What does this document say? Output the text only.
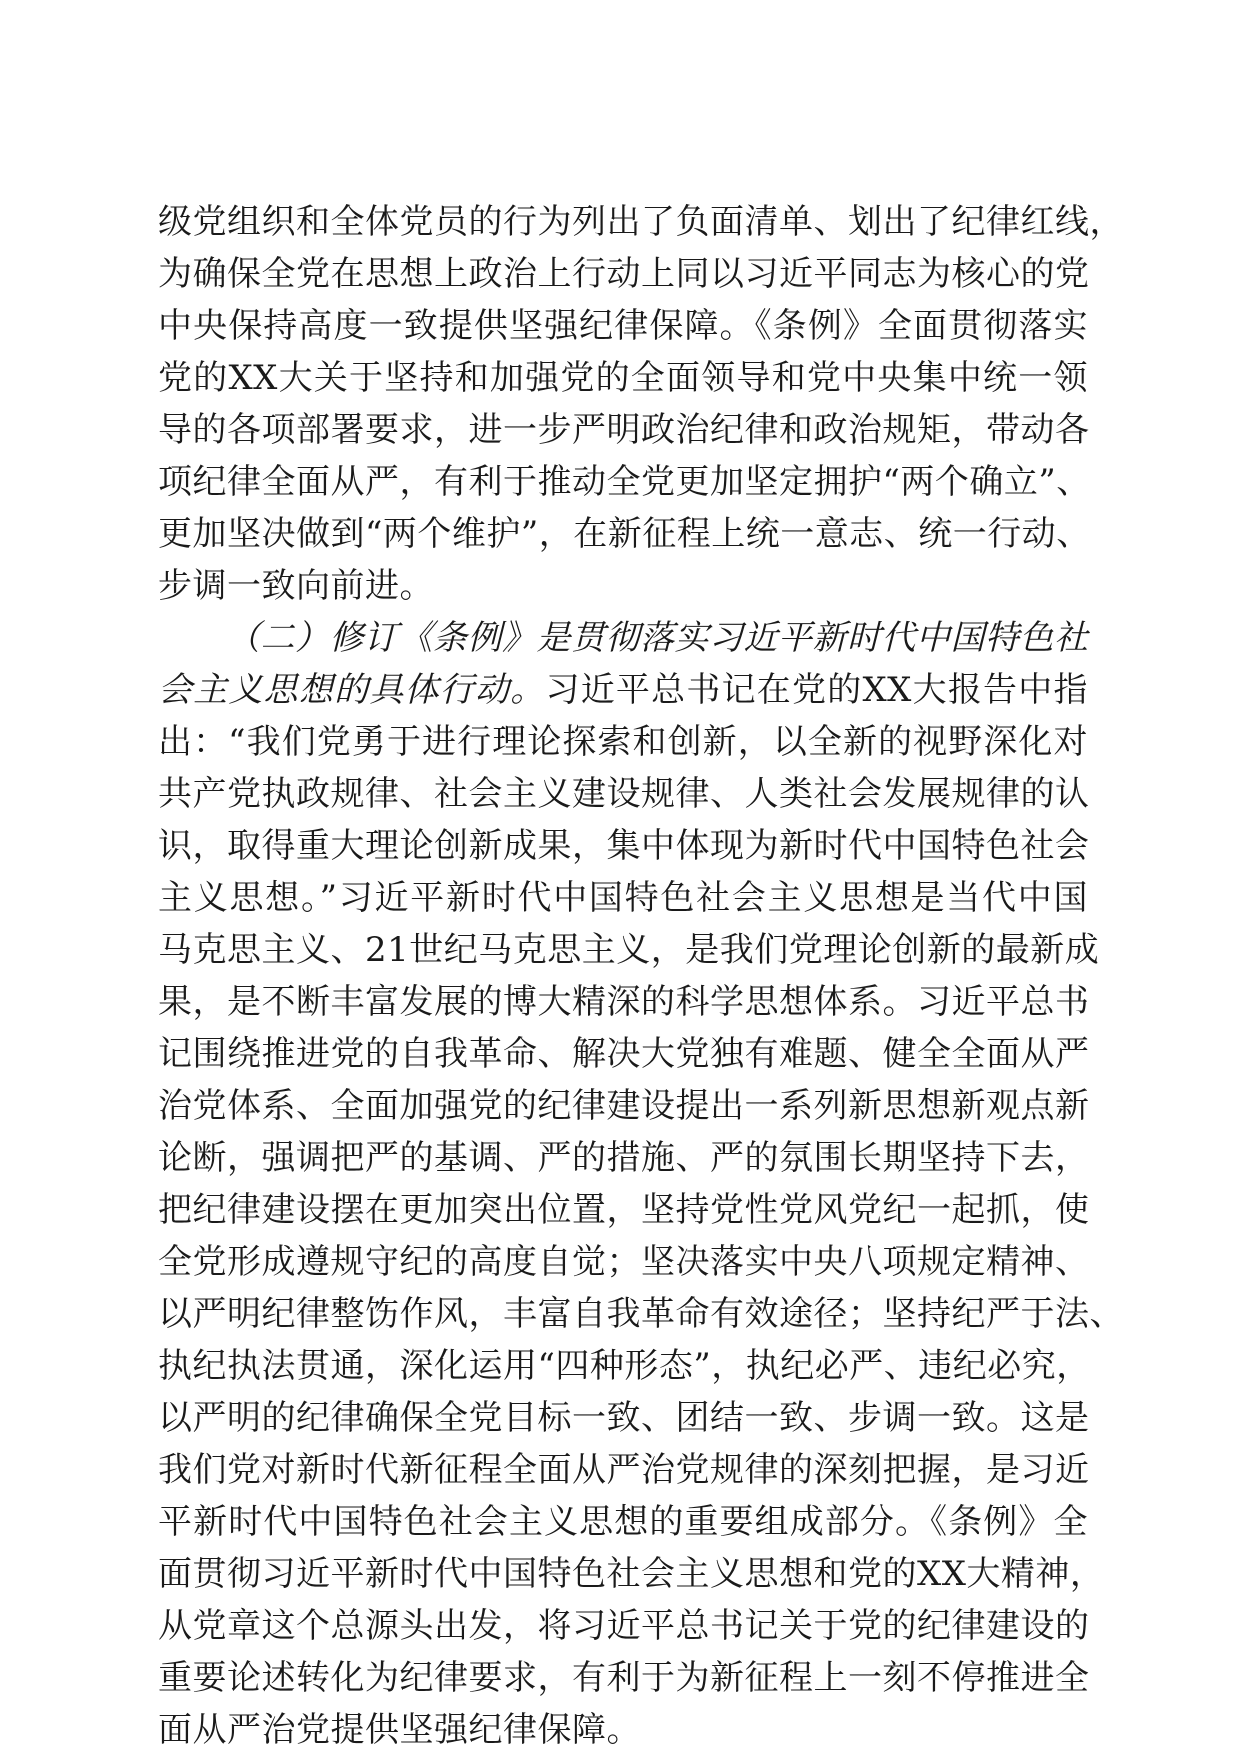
级党组织和全体党员的行为列出了负面清单、划出了纪律红线，
为确保全党在思想上政治上行动上同以习近平同志为核心的党
中央保持高度一致提供坚强纪律保障。《条例》全面贯彻落实
党的XX大关于坚持和加强党的全面领导和党中央集中统一领
导的各项部署要求，进一步严明政治纪律和政治规矩，带动各
项纪律全面从严，有利于推动全党更加坚定拥护“两个确立”、
更加坚决做到“两个维护”，在新征程上统一意志、统一行动、
步调一致向前进。
（二）修订《条例》是贯彻落实习近平新时代中国特色社
会主义思想的具体行动。习近平总书记在党的XX大报告中指
出：“我们党勇于进行理论探索和创新，以全新的视野深化对
共产党执政规律、社会主义建设规律、人类社会发展规律的认
识，取得重大理论创新成果，集中体现为新时代中国特色社会
主义思想。”习近平新时代中国特色社会主义思想是当代中国
马克思主义、21世纪马克思主义，是我们党理论创新的最新成
果，是不断丰富发展的博大精深的科学思想体系。习近平总书
记围绕推进党的自我革命、解决大党独有难题、健全全面从严
治党体系、全面加强党的纪律建设提出一系列新思想新观点新
论断，强调把严的基调、严的措施、严的氛围长期坚持下去，
把纪律建设摆在更加突出位置，坚持党性党风党纪一起抓，使
全党形成遵规守纪的高度自觉；坚决落实中央八项规定精神、
以严明纪律整饬作风，丰富自我革命有效途径；坚持纪严于法、
执纪执法贯通，深化运用“四种形态”，执纪必严、违纪必究，
以严明的纪律确保全党目标一致、团结一致、步调一致。这是
我们党对新时代新征程全面从严治党规律的深刻把握，是习近
平新时代中国特色社会主义思想的重要组成部分。《条例》全
面贯彻习近平新时代中国特色社会主义思想和党的XX大精神，
从党章这个总源头出发，将习近平总书记关于党的纪律建设的
重要论述转化为纪律要求，有利于为新征程上一刻不停推进全
面从严治党提供坚强纪律保障。
